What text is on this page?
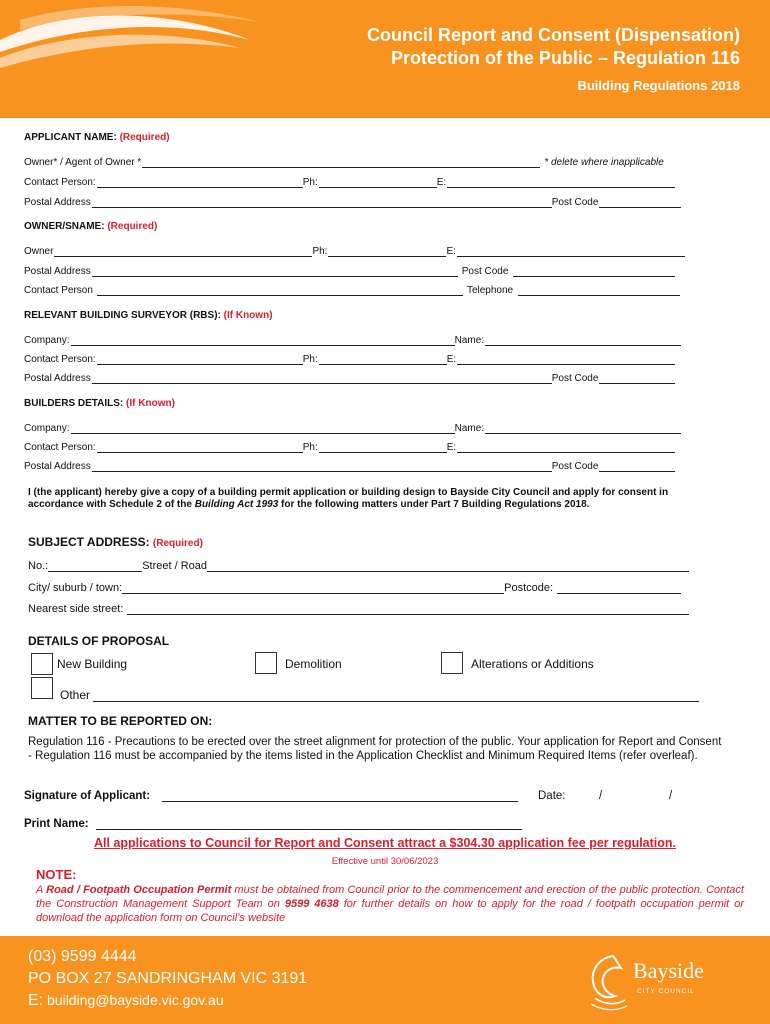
Council Report and Consent (Dispensation)
Protection of the Public – Regulation 116
Building Regulations 2018
APPLICANT NAME: (Required)
Owner* / Agent of Owner *	* delete where inapplicable
Contact Person:	Ph:	E:
Postal Address	Post Code
OWNER/SNAME: (Required)
Owner	Ph:	E:
Postal Address	Post Code
Contact Person	Telephone
RELEVANT BUILDING SURVEYOR (RBS): (If Known)
Company:	Name:
Contact Person:	Ph:	E:
Postal Address	Post Code
BUILDERS DETAILS: (If Known)
Company:	Name:
Contact Person:	Ph:	E:
Postal Address	Post Code
I (the applicant) hereby give a copy of a building permit application or building design to Bayside City Council and apply for consent in accordance with Schedule 2 of the Building Act 1993 for the following matters under Part 7 Building Regulations 2018.
SUBJECT ADDRESS: (Required)
No.:	Street / Road
City/ suburb / town:	Postcode:
Nearest side street:
DETAILS OF PROPOSAL
New Building	Demolition	Alterations or Additions
Other
MATTER TO BE REPORTED ON:
Regulation 116 - Precautions to be erected over the street alignment for protection of the public. Your application for Report and Consent - Regulation 116 must be accompanied by the items listed in the Application Checklist and Minimum Required Items (refer overleaf).
Signature of Applicant:	Date:	/	/
Print Name:
All applications to Council for Report and Consent attract a $304.30 application fee per regulation.
Effective until 30/06/2023
NOTE:
A Road / Footpath Occupation Permit must be obtained from Council prior to the commencement and erection of the public protection. Contact the Construction Management Support Team on 9599 4638 for further details on how to apply for the road / footpath occupation permit or download the application form on Council’s website
(03) 9599 4444
PO BOX 27 SANDRINGHAM VIC 3191
E: building@bayside.vic.gov.au
Bayside
CITY COUNCIL
